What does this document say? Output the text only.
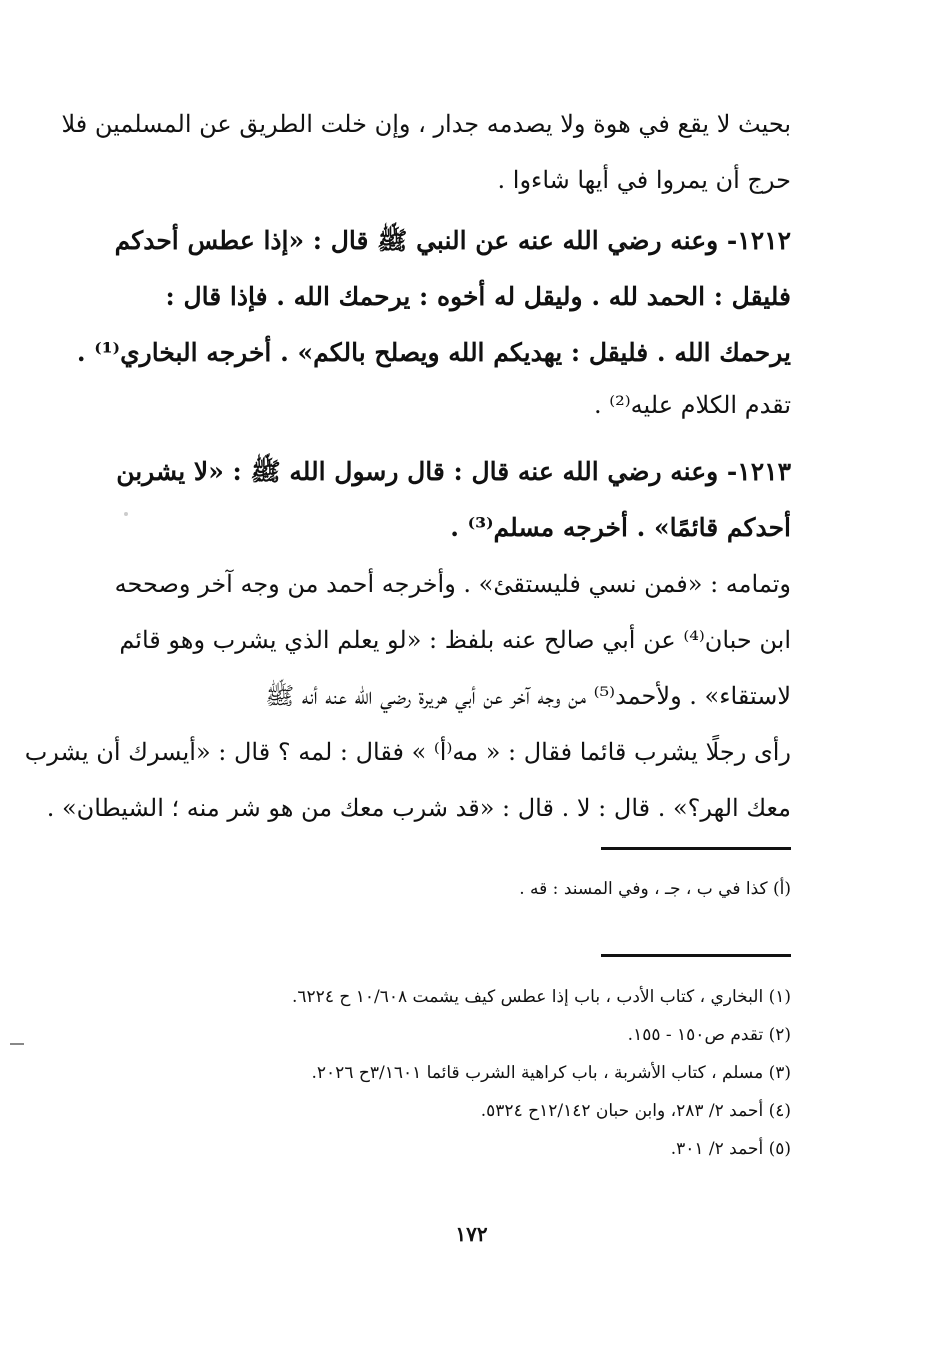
بحيث لا يقع في هوة ولا يصدمه جدار ، وإن خلت الطريق عن المسلمين فلا
حرج أن يمروا في أيها شاءوا .
١٢١٢- وعنه رضي الله عنه عن النبي ﷺ قال : «إذا عطس أحدكم
فليقل : الحمد لله . وليقل له أخوه : يرحمك الله . فإذا قال :
يرحمك الله . فليقل : يهديكم الله ويصلح بالكم» . أخرجه البخاري⁽¹⁾ .
تقدم الكلام عليه⁽²⁾ .
١٢١٣- وعنه رضي الله عنه قال : قال رسول الله ﷺ : «لا يشربن
أحدكم قائمًا» . أخرجه مسلم⁽³⁾ .
وتمامه : «فمن نسي فليستقئ» . وأخرجه أحمد من وجه آخر وصححه
ابن حبان⁽⁴⁾ عن أبي صالح عنه بلفظ : «لو يعلم الذي يشرب وهو قائم
لاستقاء» . ولأحمد⁽⁵⁾ من وجه آخر عن أبي هريرة رضي الله عنه أنه ﷺ
رأى رجلًا يشرب قائما فقال : « مه⁽أ⁾ » فقال : لمه ؟ قال : «أيسرك أن يشرب
معك الهر؟» . قال : لا . قال : «قد شرب معك من هو شر منه ؛ الشيطان» .
(أ) كذا في ب ، جـ ، وفي المسند : قه .
(١) البخاري ، كتاب الأدب ، باب إذا عطس كيف يشمت ١٠/٦٠٨ ح ٦٢٢٤.
(٢) تقدم ص١٥٠ - ١٥٥.
(٣) مسلم ، كتاب الأشربة ، باب كراهية الشرب قائما ٣/١٦٠١ح ٢٠٢٦.
(٤) أحمد ٢/ ٢٨٣، وابن حبان ١٢/١٤٢ح ٥٣٢٤.
(٥) أحمد ٢/ ٣٠١.
١٧٢
